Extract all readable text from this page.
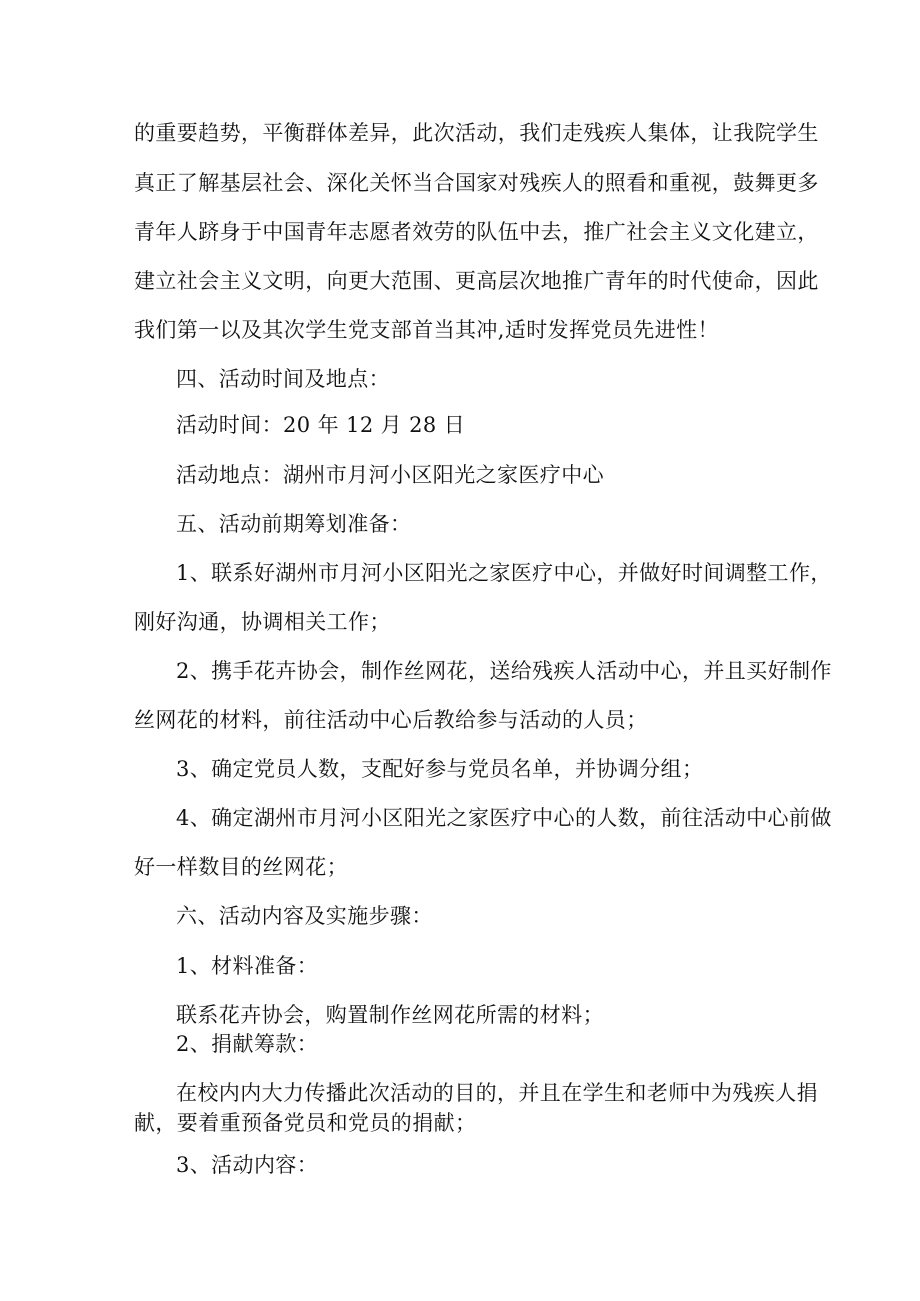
的重要趋势，平衡群体差异，此次活动，我们走残疾人集体，让我院学生

真正了解基层社会、深化关怀当合国家对残疾人的照看和重视，鼓舞更多

青年人跻身于中国青年志愿者效劳的队伍中去，推广社会主义文化建立，

建立社会主义文明，向更大范围、更高层次地推广青年的时代使命，因此

我们第一以及其次学生党支部首当其冲,适时发挥党员先进性！

四、活动时间及地点：

活动时间：20 年 12 月 28 日

活动地点：湖州市月河小区阳光之家医疗中心

五、活动前期筹划准备：

1、联系好湖州市月河小区阳光之家医疗中心，并做好时间调整工作，

刚好沟通，协调相关工作；

2、携手花卉协会，制作丝网花，送给残疾人活动中心，并且买好制作

丝网花的材料，前往活动中心后教给参与活动的人员；

3、确定党员人数，支配好参与党员名单，并协调分组；

4、确定湖州市月河小区阳光之家医疗中心的人数，前往活动中心前做

好一样数目的丝网花；

六、活动内容及实施步骤：

1、材料准备：

联系花卉协会，购置制作丝网花所需的材料；

2、捐献筹款：

在校内内大力传播此次活动的目的，并且在学生和老师中为残疾人捐

献，要着重预备党员和党员的捐献；

3、活动内容：
